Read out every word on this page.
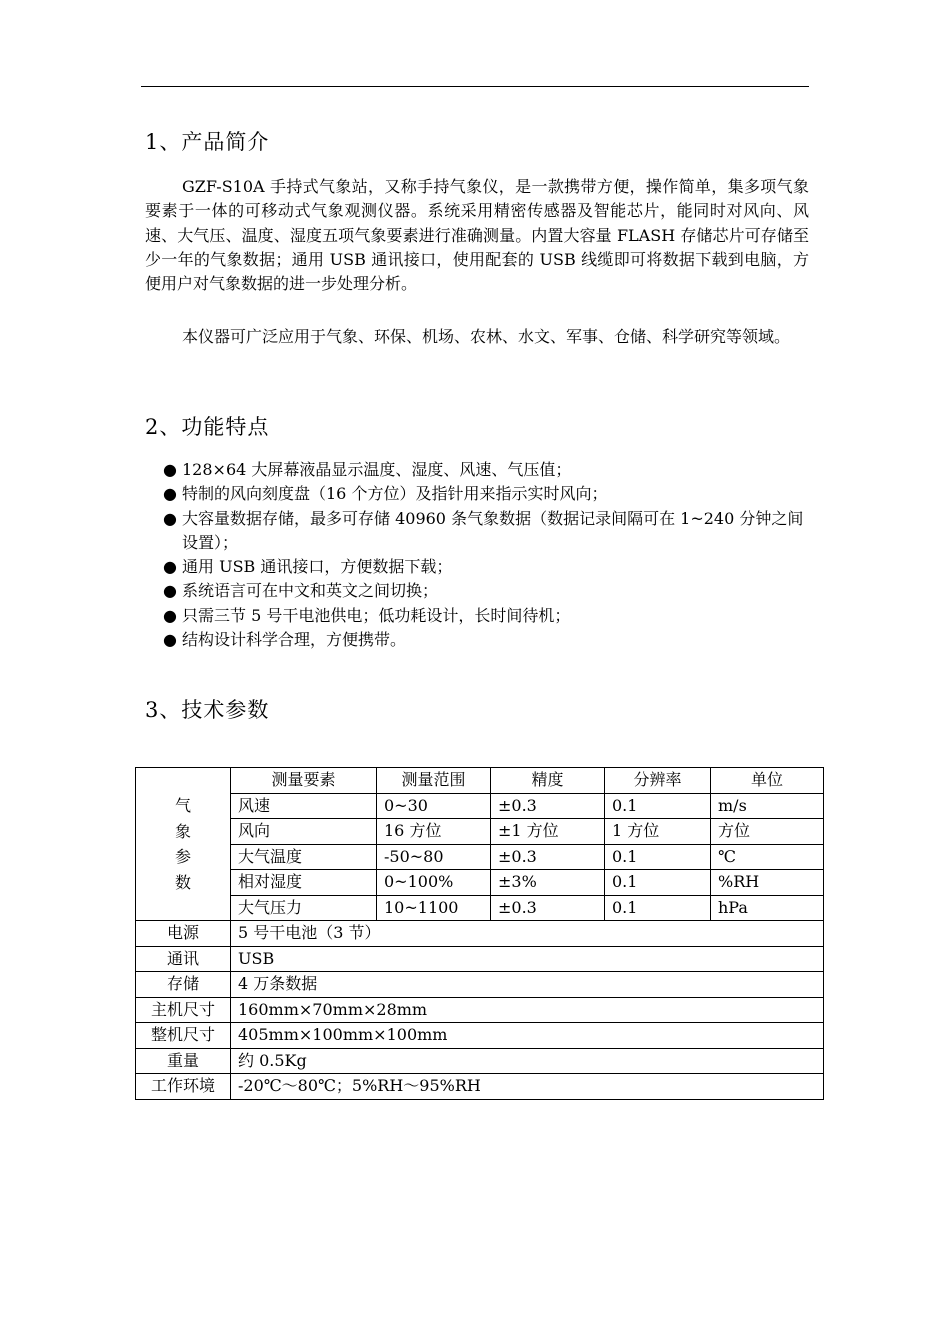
1、产品简介

GZF-S10A 手持式气象站，又称手持气象仪，是一款携带方便，操作简单，集多项气象要素于一体的可移动式气象观测仪器。系统采用精密传感器及智能芯片，能同时对风向、风速、大气压、温度、湿度五项气象要素进行准确测量。内置大容量 FLASH 存储芯片可存储至少一年的气象数据；通用 USB 通讯接口，使用配套的 USB 线缆即可将数据下载到电脑，方便用户对气象数据的进一步处理分析。

本仪器可广泛应用于气象、环保、机场、农林、水文、军事、仓储、科学研究等领域。

2、功能特点
● 128×64 大屏幕液晶显示温度、湿度、风速、气压值；
● 特制的风向刻度盘（16 个方位）及指针用来指示实时风向；
● 大容量数据存储，最多可存储 40960 条气象数据（数据记录间隔可在 1~240 分钟之间设置）；
● 通用 USB 通讯接口，方便数据下载；
● 系统语言可在中文和英文之间切换；
● 只需三节 5 号干电池供电；低功耗设计，长时间待机；
● 结构设计科学合理，方便携带。
3、技术参数
气
象
参
数	测量要素	测量范围	精度	分辨率	单位
	风速	0~30	±0.3	0.1	m/s
	风向	16 方位	±1 方位	1 方位	方位
	大气温度	-50~80	±0.3	0.1	℃
	相对湿度	0~100%	±3%	0.1	%RH
	大气压力	10~1100	±0.3	0.1	hPa
电源	5 号干电池（3 节）				
通讯	USB				
存储	4 万条数据				
主机尺寸	160mm×70mm×28mm				
整机尺寸	405mm×100mm×100mm				
重量	约 0.5Kg				
工作环境	-20℃～80℃；5%RH～95%RH				
